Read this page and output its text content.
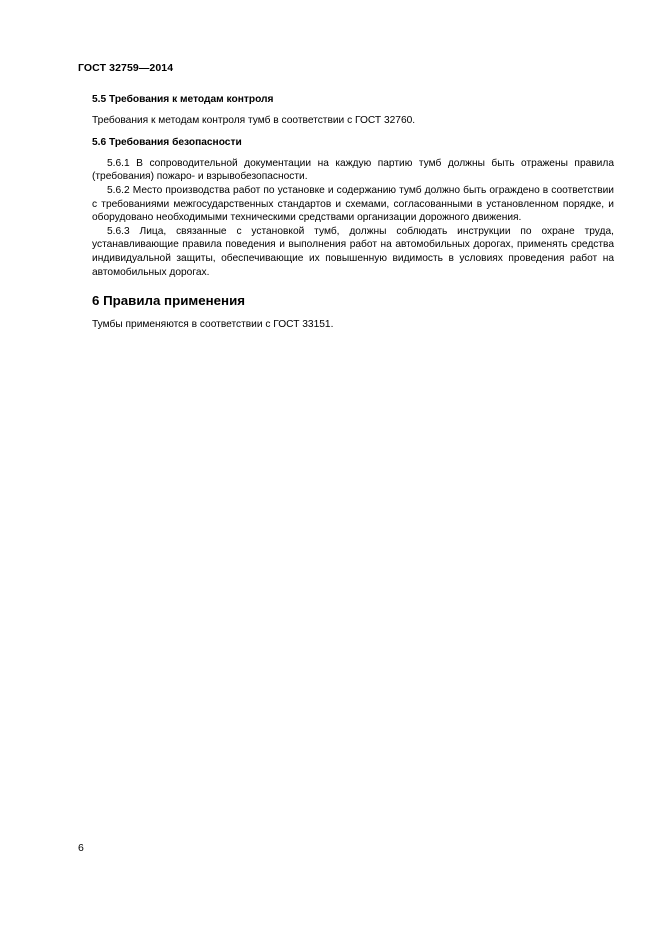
ГОСТ 32759—2014
5.5 Требования к методам контроля
Требования к методам контроля тумб в соответствии с ГОСТ 32760.
5.6 Требования безопасности
5.6.1 В сопроводительной документации на каждую партию тумб должны быть отражены правила (требования) пожаро- и взрывобезопасности.
5.6.2 Место производства работ по установке и содержанию тумб должно быть ограждено в соответствии с требованиями межгосударственных стандартов и схемами, согласованными в установленном порядке, и оборудовано необходимыми техническими средствами организации дорожного движения.
5.6.3 Лица, связанные с установкой тумб, должны соблюдать инструкции по охране труда, устанавливающие правила поведения и выполнения работ на автомобильных дорогах, применять средства индивидуальной защиты, обеспечивающие их повышенную видимость в условиях проведения работ на автомобильных дорогах.
6 Правила применения
Тумбы применяются в соответствии с ГОСТ 33151.
6
